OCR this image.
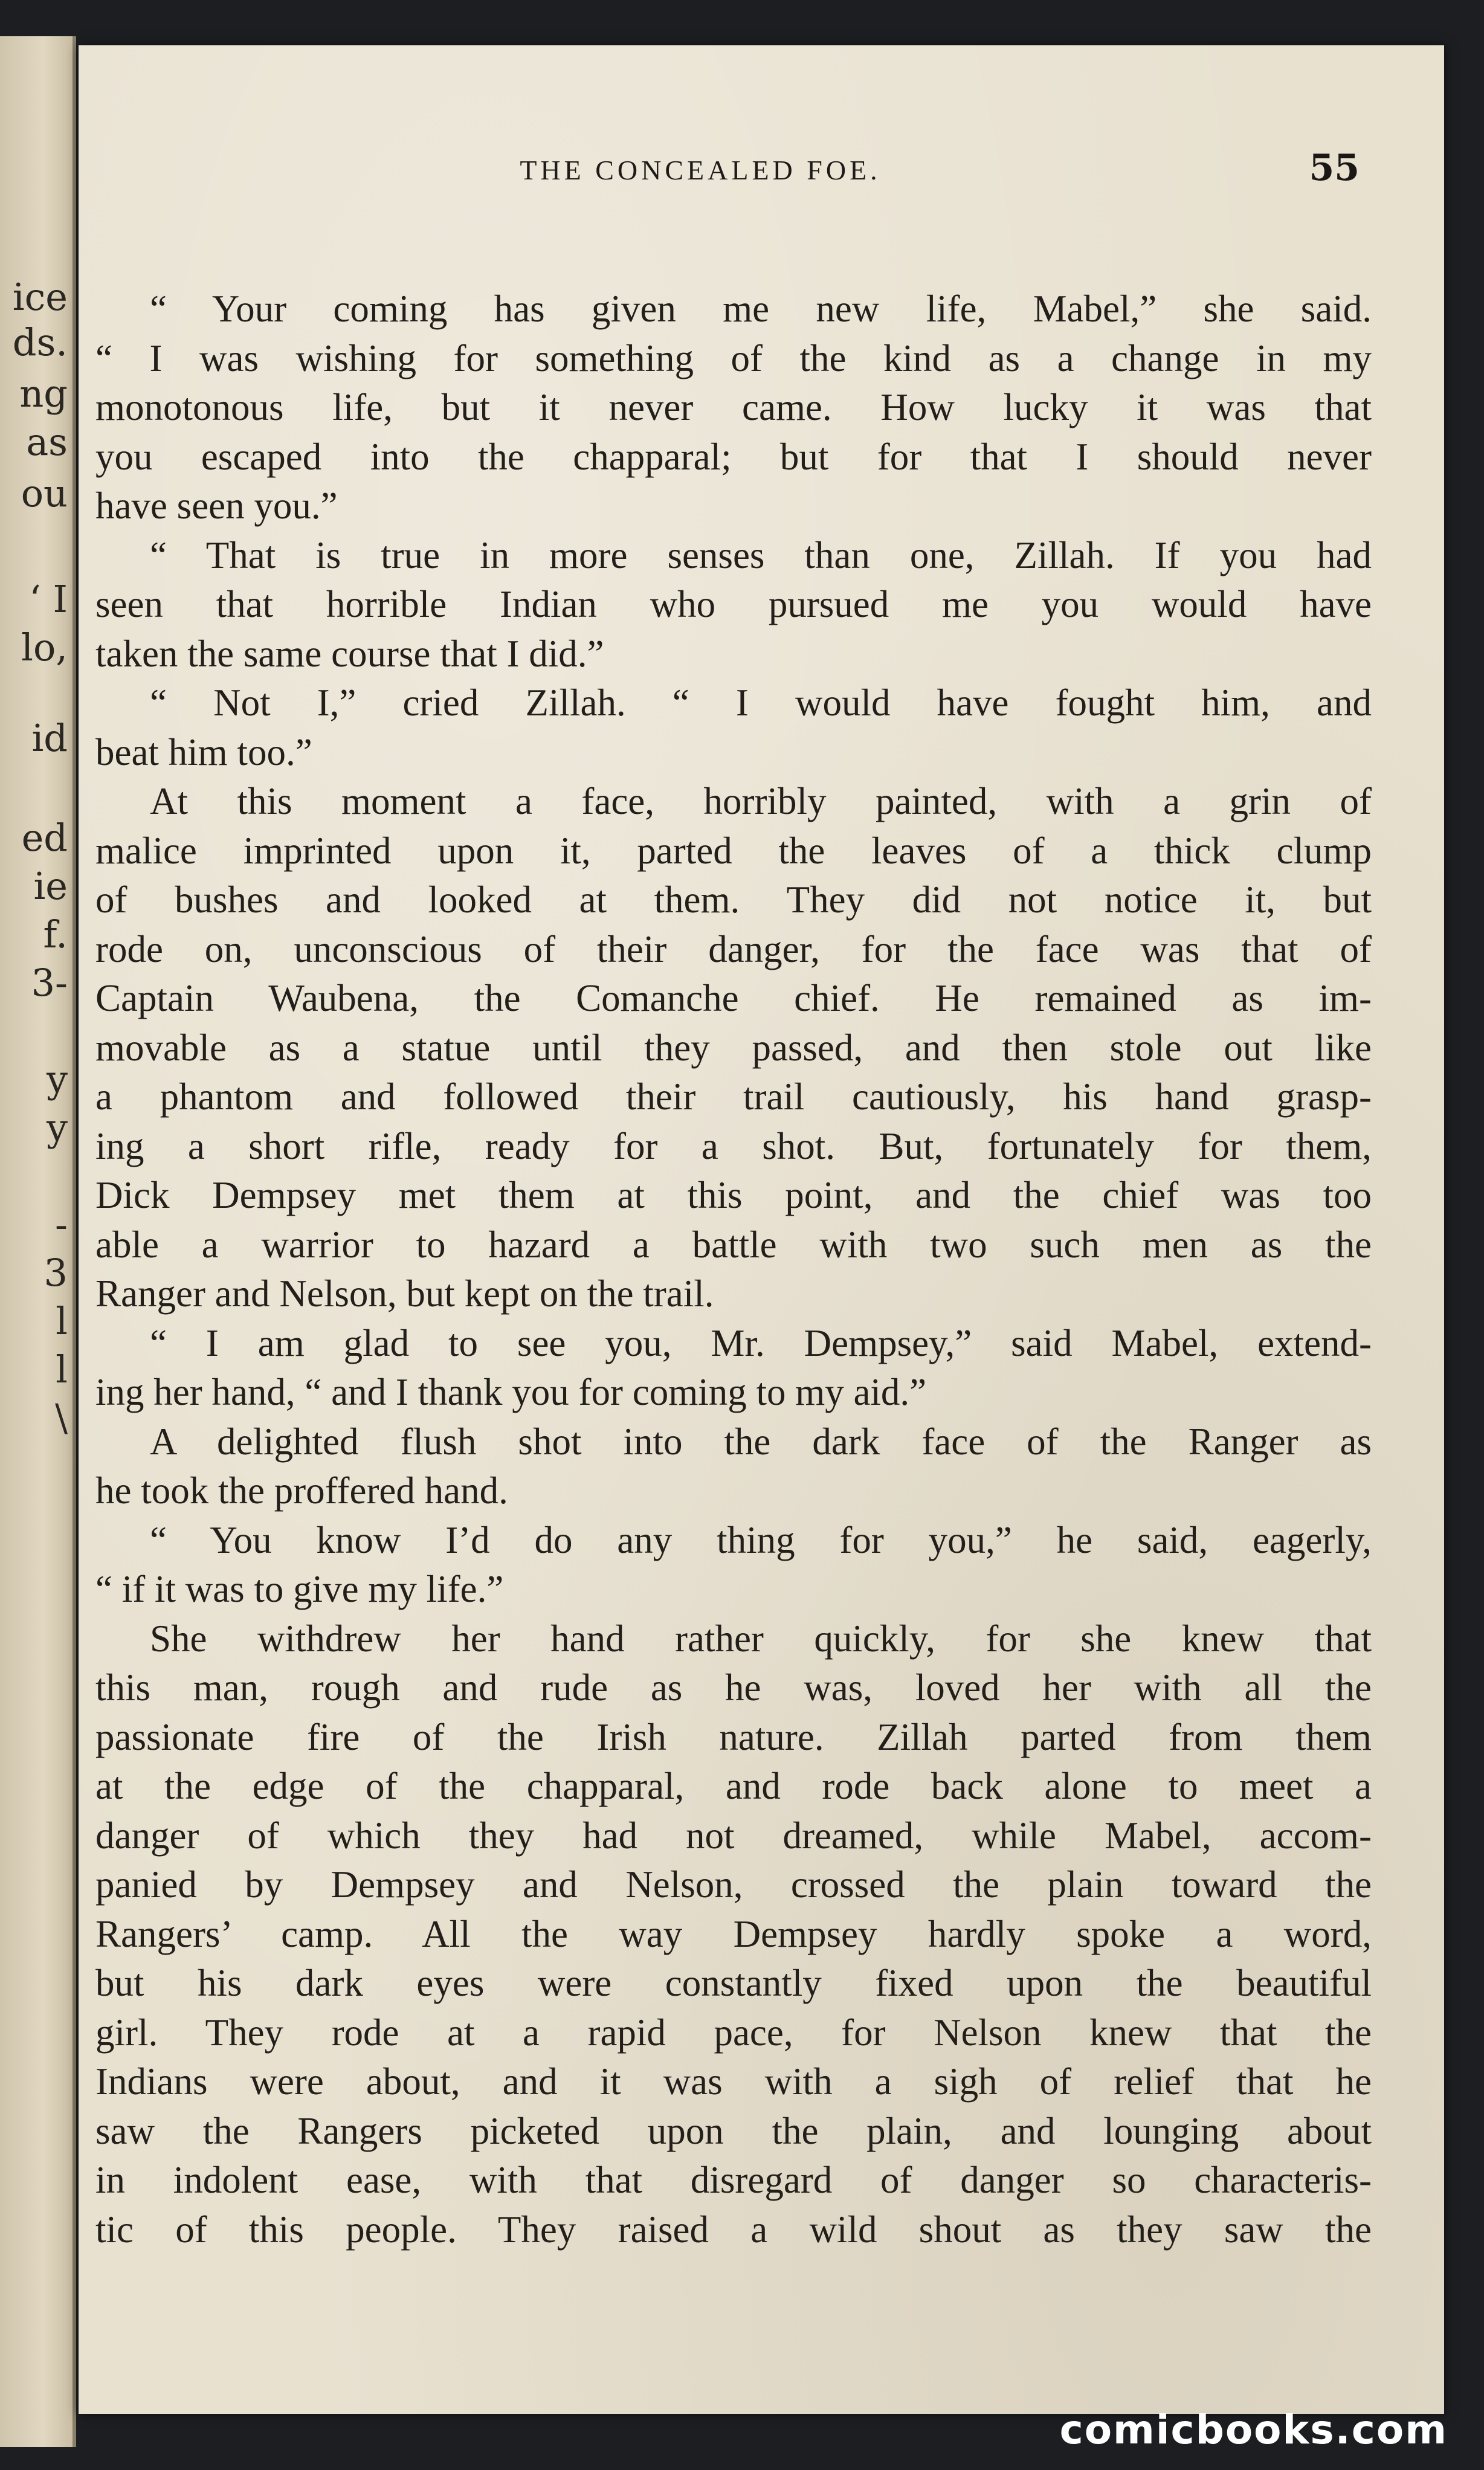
ice
ds.
ng
as
ou
‘ I
lo,
id
ed
ie
f.
3-
y
y
-
3
l
l
\
THE CONCEALED FOE.	55
“ Your coming has given me new life, Mabel,” she said.
“ I was wishing for something of the kind as a change in my
monotonous life, but it never came. How lucky it was that
you escaped into the chapparal; but for that I should never
have seen you.”
“ That is true in more senses than one, Zillah. If you had
seen that horrible Indian who pursued me you would have
taken the same course that I did.”
“ Not I,” cried Zillah. “ I would have fought him, and
beat him too.”
At this moment a face, horribly painted, with a grin of
malice imprinted upon it, parted the leaves of a thick clump
of bushes and looked at them. They did not notice it, but
rode on, unconscious of their danger, for the face was that of
Captain Waubena, the Comanche chief. He remained as im-
movable as a statue until they passed, and then stole out like
a phantom and followed their trail cautiously, his hand grasp-
ing a short rifle, ready for a shot. But, fortunately for them,
Dick Dempsey met them at this point, and the chief was too
able a warrior to hazard a battle with two such men as the
Ranger and Nelson, but kept on the trail.
“ I am glad to see you, Mr. Dempsey,” said Mabel, extend-
ing her hand, “ and I thank you for coming to my aid.”
A delighted flush shot into the dark face of the Ranger as
he took the proffered hand.
“ You know I’d do any thing for you,” he said, eagerly,
“ if it was to give my life.”
She withdrew her hand rather quickly, for she knew that
this man, rough and rude as he was, loved her with all the
passionate fire of the Irish nature. Zillah parted from them
at the edge of the chapparal, and rode back alone to meet a
danger of which they had not dreamed, while Mabel, accom-
panied by Dempsey and Nelson, crossed the plain toward the
Rangers’ camp. All the way Dempsey hardly spoke a word,
but his dark eyes were constantly fixed upon the beautiful
girl. They rode at a rapid pace, for Nelson knew that the
Indians were about, and it was with a sigh of relief that he
saw the Rangers picketed upon the plain, and lounging about
in indolent ease, with that disregard of danger so characteris-
tic of this people. They raised a wild shout as they saw the
comicbooks.com
